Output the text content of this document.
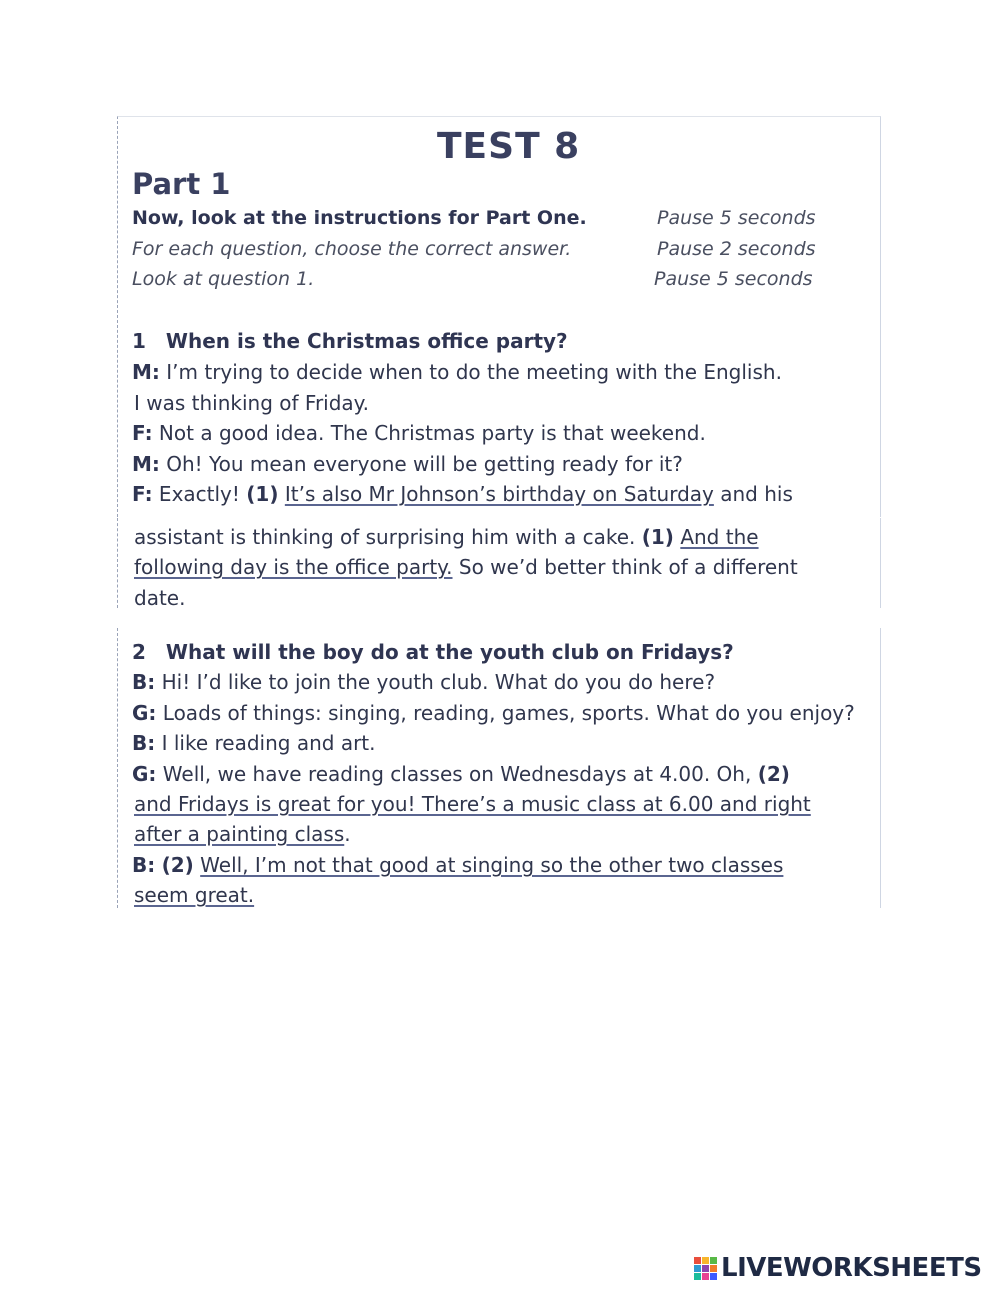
TEST 8
Part 1
Now, look at the instructions for Part One.	Pause 5 seconds
For each question, choose the correct answer.	Pause 2 seconds
Look at question 1.	Pause 5 seconds
1 When is the Christmas office party?
M: I’m trying to decide when to do the meeting with the English.
I was thinking of Friday.
F: Not a good idea. The Christmas party is that weekend.
M: Oh! You mean everyone will be getting ready for it?
F: Exactly! (1) It’s also Mr Johnson’s birthday on Saturday and his
assistant is thinking of surprising him with a cake. (1) And the
following day is the office party. So we’d better think of a different
date.
2 What will the boy do at the youth club on Fridays?
B: Hi! I’d like to join the youth club. What do you do here?
G: Loads of things: singing, reading, games, sports. What do you enjoy?
B: I like reading and art.
G: Well, we have reading classes on Wednesdays at 4.00. Oh, (2)
and Fridays is great for you! There’s a music class at 6.00 and right
after a painting class.
B: (2) Well, I’m not that good at singing so the other two classes
seem great.
LIVEWORKSHEETS
